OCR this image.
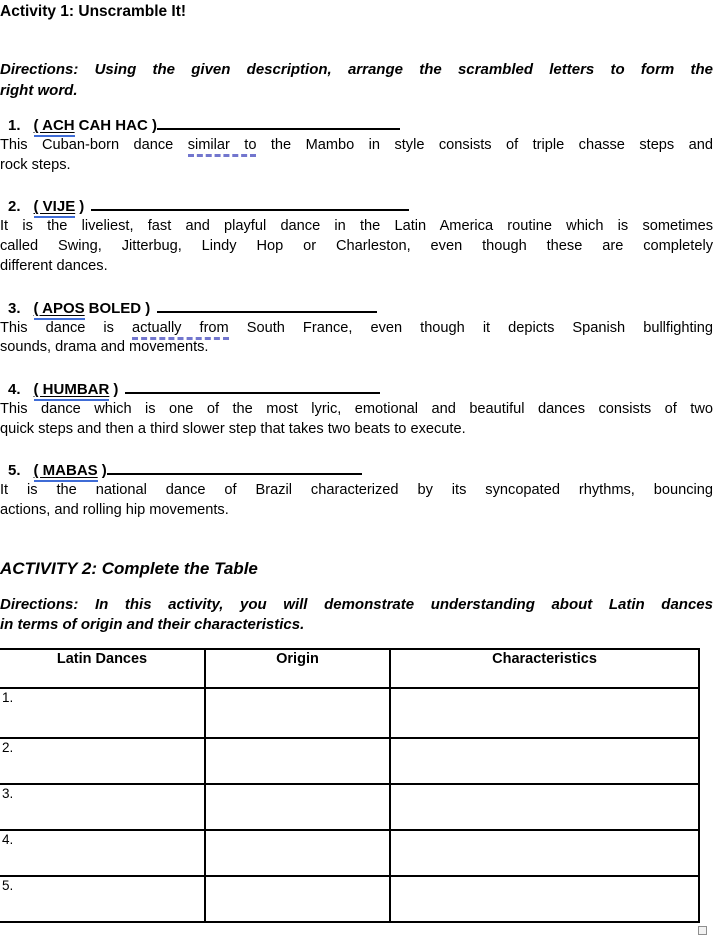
Activity 1: Unscramble It!
Directions: Using the given description, arrange the scrambled letters to form the
right word.
1. ( ACH CAH HAC )
This Cuban-born dance similar to the Mambo in style consists of triple chasse steps and
rock steps.
2. ( VIJE )
It is the liveliest, fast and playful dance in the Latin America routine which is sometimes
called Swing, Jitterbug, Lindy Hop or Charleston, even though these are completely
different dances.
3. ( APOS BOLED )
This dance is actually from South France, even though it depicts Spanish bullfighting
sounds, drama and movements.
4. ( HUMBAR )
This dance which is one of the most lyric, emotional and beautiful dances consists of two
quick steps and then a third slower step that takes two beats to execute.
5. ( MABAS )
It is the national dance of Brazil characterized by its syncopated rhythms, bouncing
actions, and rolling hip movements.
ACTIVITY 2: Complete the Table
Directions: In this activity, you will demonstrate understanding about Latin dances
in terms of origin and their characteristics.
Latin Dances	Origin	Characteristics
1.		
2.		
3.		
4.		
5.		
